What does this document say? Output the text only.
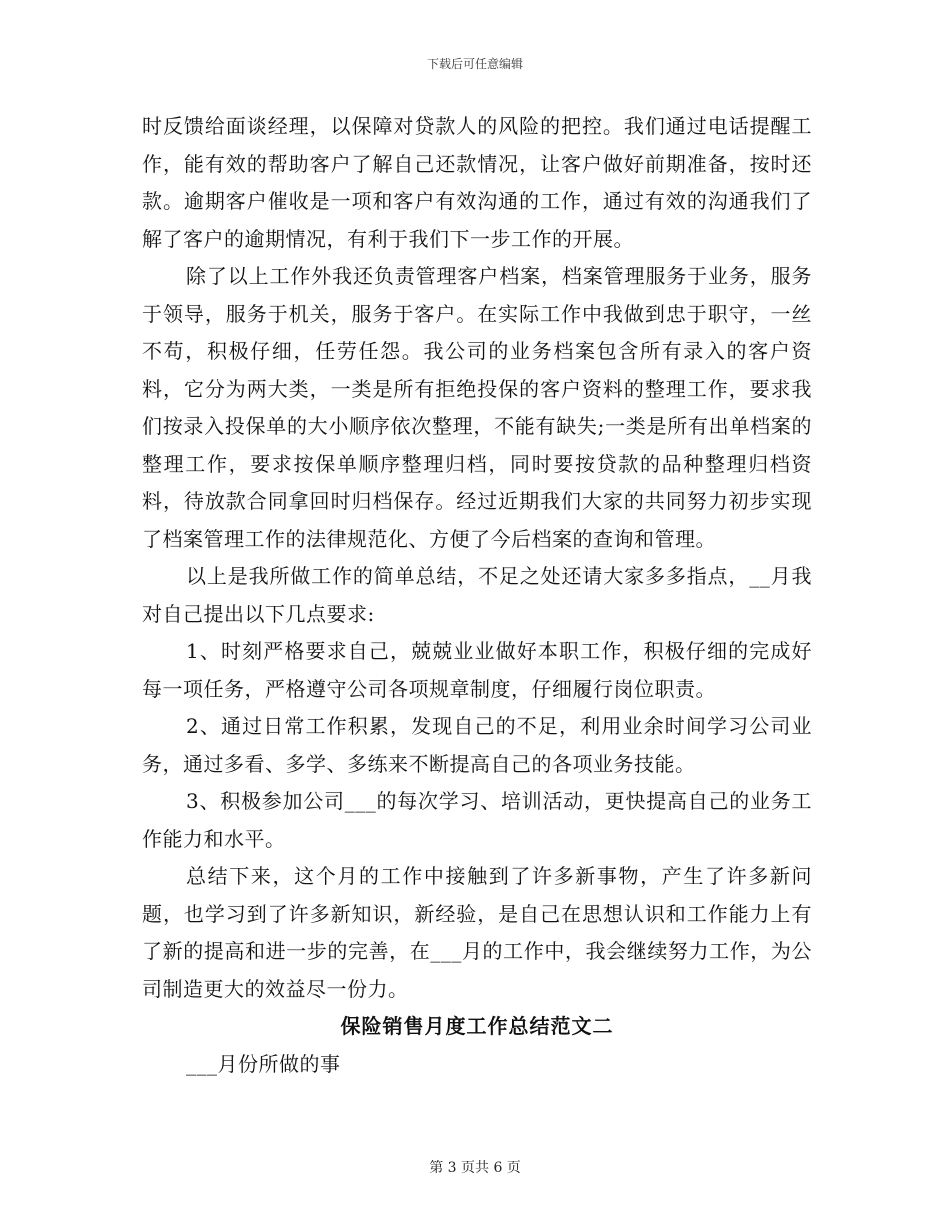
下载后可任意编辑

时反馈给面谈经理，以保障对贷款人的风险的把控。我们通过电话提醒工作，能有效的帮助客户了解自己还款情况，让客户做好前期准备，按时还款。逾期客户催收是一项和客户有效沟通的工作，通过有效的沟通我们了解了客户的逾期情况，有利于我们下一步工作的开展。

除了以上工作外我还负责管理客户档案，档案管理服务于业务，服务于领导，服务于机关，服务于客户。在实际工作中我做到忠于职守，一丝不苟，积极仔细，任劳任怨。我公司的业务档案包含所有录入的客户资料，它分为两大类，一类是所有拒绝投保的客户资料的整理工作，要求我们按录入投保单的大小顺序依次整理，不能有缺失;一类是所有出单档案的整理工作，要求按保单顺序整理归档，同时要按贷款的品种整理归档资料，待放款合同拿回时归档保存。经过近期我们大家的共同努力初步实现了档案管理工作的法律规范化、方便了今后档案的查询和管理。

以上是我所做工作的简单总结，不足之处还请大家多多指点，__月我对自己提出以下几点要求:

1、时刻严格要求自己，兢兢业业做好本职工作，积极仔细的完成好每一项任务，严格遵守公司各项规章制度，仔细履行岗位职责。

2、通过日常工作积累，发现自己的不足，利用业余时间学习公司业务，通过多看、多学、多练来不断提高自己的各项业务技能。

3、积极参加公司___的每次学习、培训活动，更快提高自己的业务工作能力和水平。

总结下来，这个月的工作中接触到了许多新事物，产生了许多新问题，也学习到了许多新知识，新经验，是自己在思想认识和工作能力上有了新的提高和进一步的完善，在___月的工作中，我会继续努力工作，为公司制造更大的效益尽一份力。

保险销售月度工作总结范文二

___月份所做的事

第 3 页共 6 页
